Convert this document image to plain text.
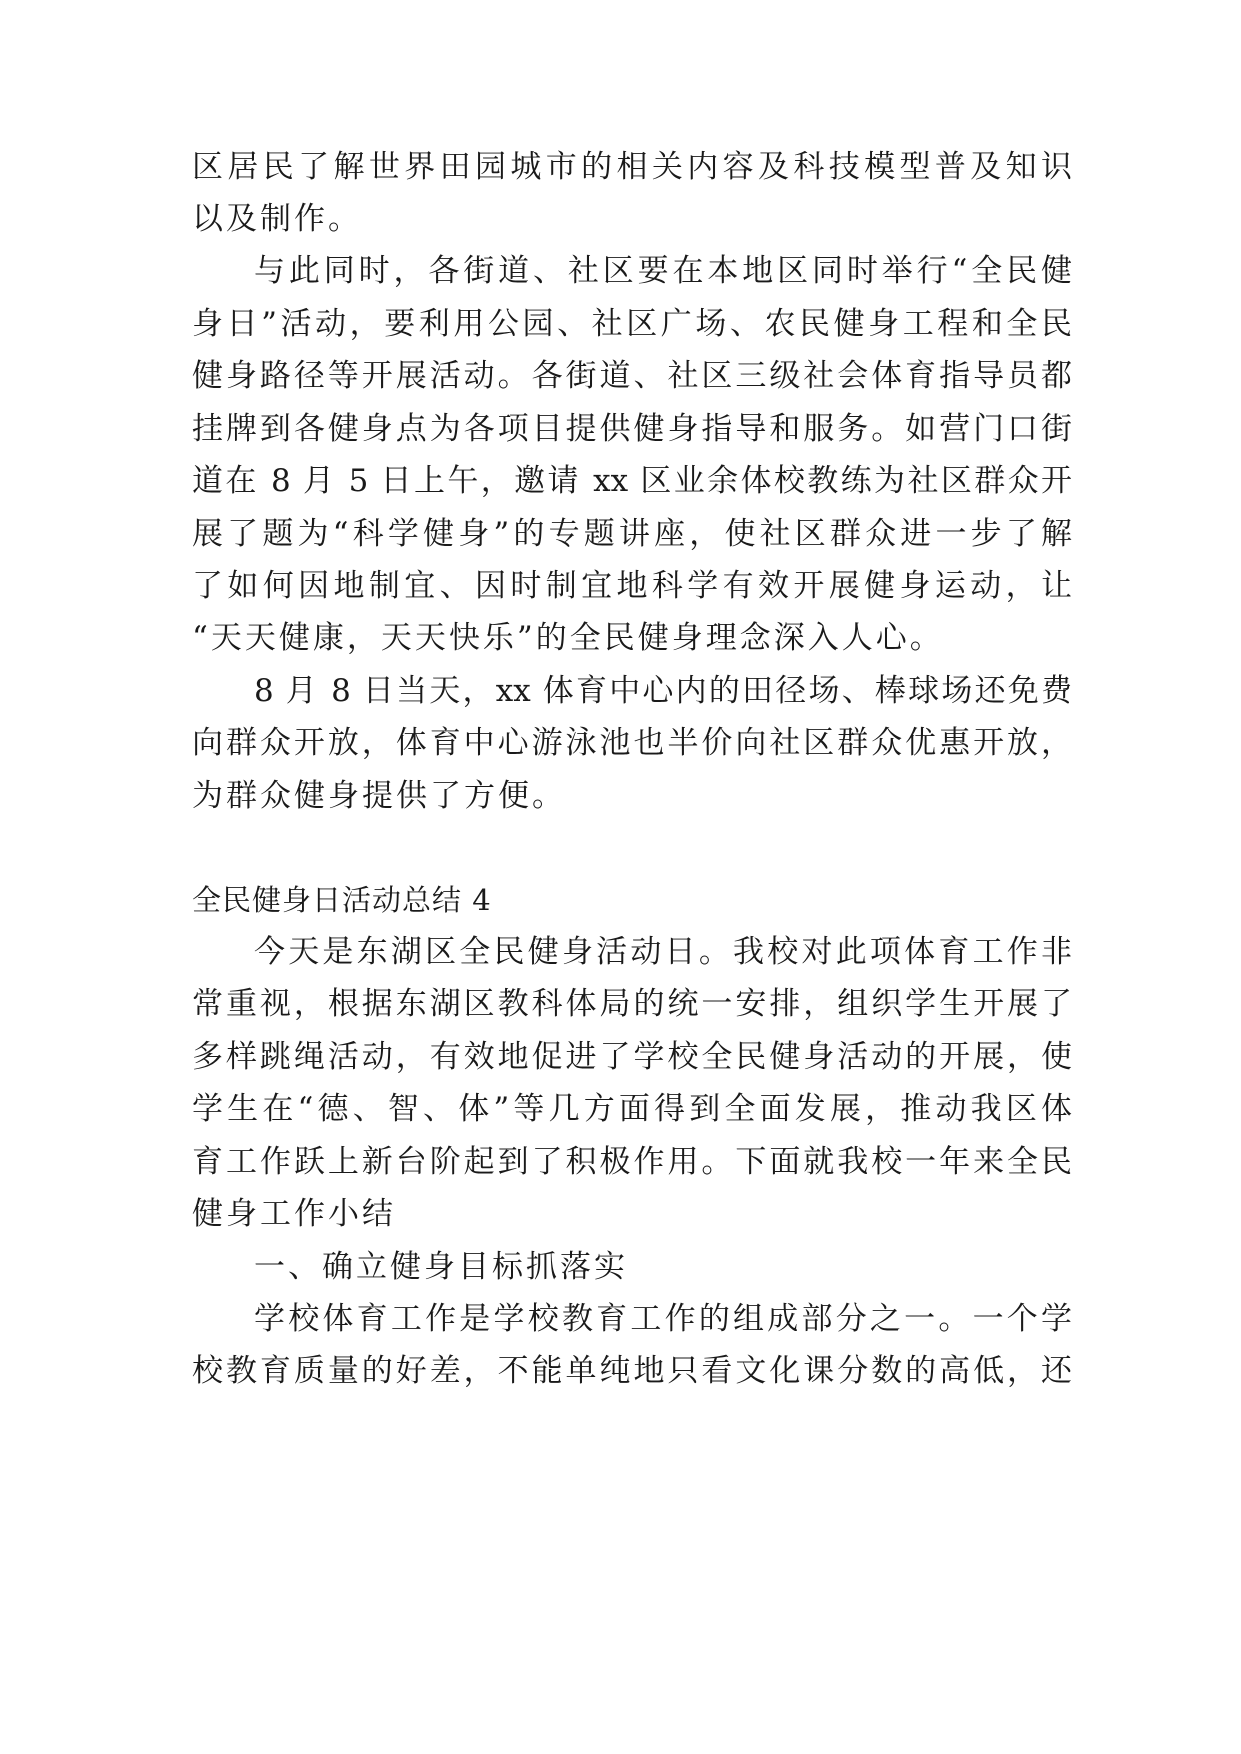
区居民了解世界田园城市的相关内容及科技模型普及知识
以及制作。
与此同时，各街道、社区要在本地区同时举行“全民健
身日”活动，要利用公园、社区广场、农民健身工程和全民
健身路径等开展活动。各街道、社区三级社会体育指导员都
挂牌到各健身点为各项目提供健身指导和服务。如营门口街
道在 8 月 5 日上午，邀请 xx 区业余体校教练为社区群众开
展了题为“科学健身”的专题讲座，使社区群众进一步了解
了如何因地制宜、因时制宜地科学有效开展健身运动，让
“天天健康，天天快乐”的全民健身理念深入人心。
8 月 8 日当天，xx 体育中心内的田径场、棒球场还免费
向群众开放，体育中心游泳池也半价向社区群众优惠开放，
为群众健身提供了方便。
全民健身日活动总结 4
今天是东湖区全民健身活动日。我校对此项体育工作非
常重视，根据东湖区教科体局的统一安排，组织学生开展了
多样跳绳活动，有效地促进了学校全民健身活动的开展，使
学生在“德、智、体”等几方面得到全面发展，推动我区体
育工作跃上新台阶起到了积极作用。下面就我校一年来全民
健身工作小结
一、确立健身目标抓落实
学校体育工作是学校教育工作的组成部分之一。一个学
校教育质量的好差，不能单纯地只看文化课分数的高低，还
